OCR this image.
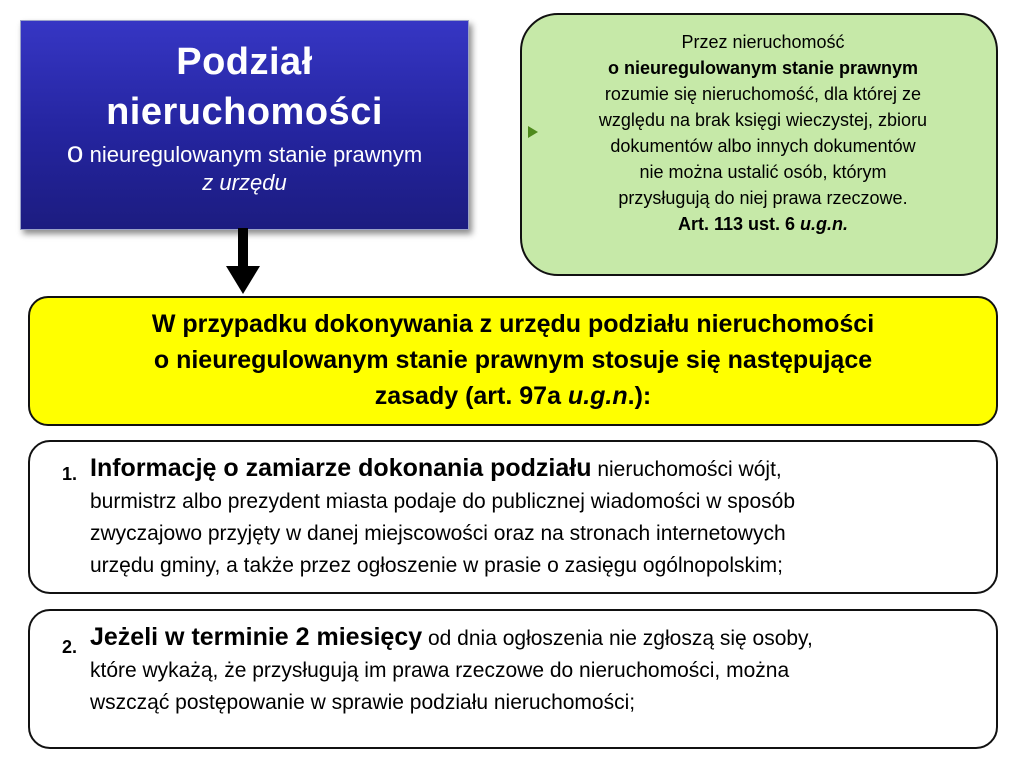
Podział
nieruchomości
o nieuregulowanym stanie prawnym
z urzędu
Przez nieruchomość
o nieuregulowanym stanie prawnym
rozumie się nieruchomość, dla której ze
względu na brak księgi wieczystej, zbioru
dokumentów albo innych dokumentów
nie można ustalić osób, którym
przysługują do niej prawa rzeczowe.
Art. 113 ust. 6 u.g.n.
W przypadku dokonywania z urzędu podziału nieruchomości
o nieuregulowanym stanie prawnym stosuje się następujące
zasady (art. 97a u.g.n.):
1. Informację o zamiarze dokonania podziału nieruchomości wójt,

burmistrz albo prezydent miasta podaje do publicznej wiadomości w sposób

zwyczajowo przyjęty w danej miejscowości oraz na stronach internetowych

urzędu gminy, a także przez ogłoszenie w prasie o zasięgu ogólnopolskim;

2. Jeżeli w terminie 2 miesięcy od dnia ogłoszenia nie zgłoszą się osoby,

które wykażą, że przysługują im prawa rzeczowe do nieruchomości, można

wszcząć postępowanie w sprawie podziału nieruchomości;
